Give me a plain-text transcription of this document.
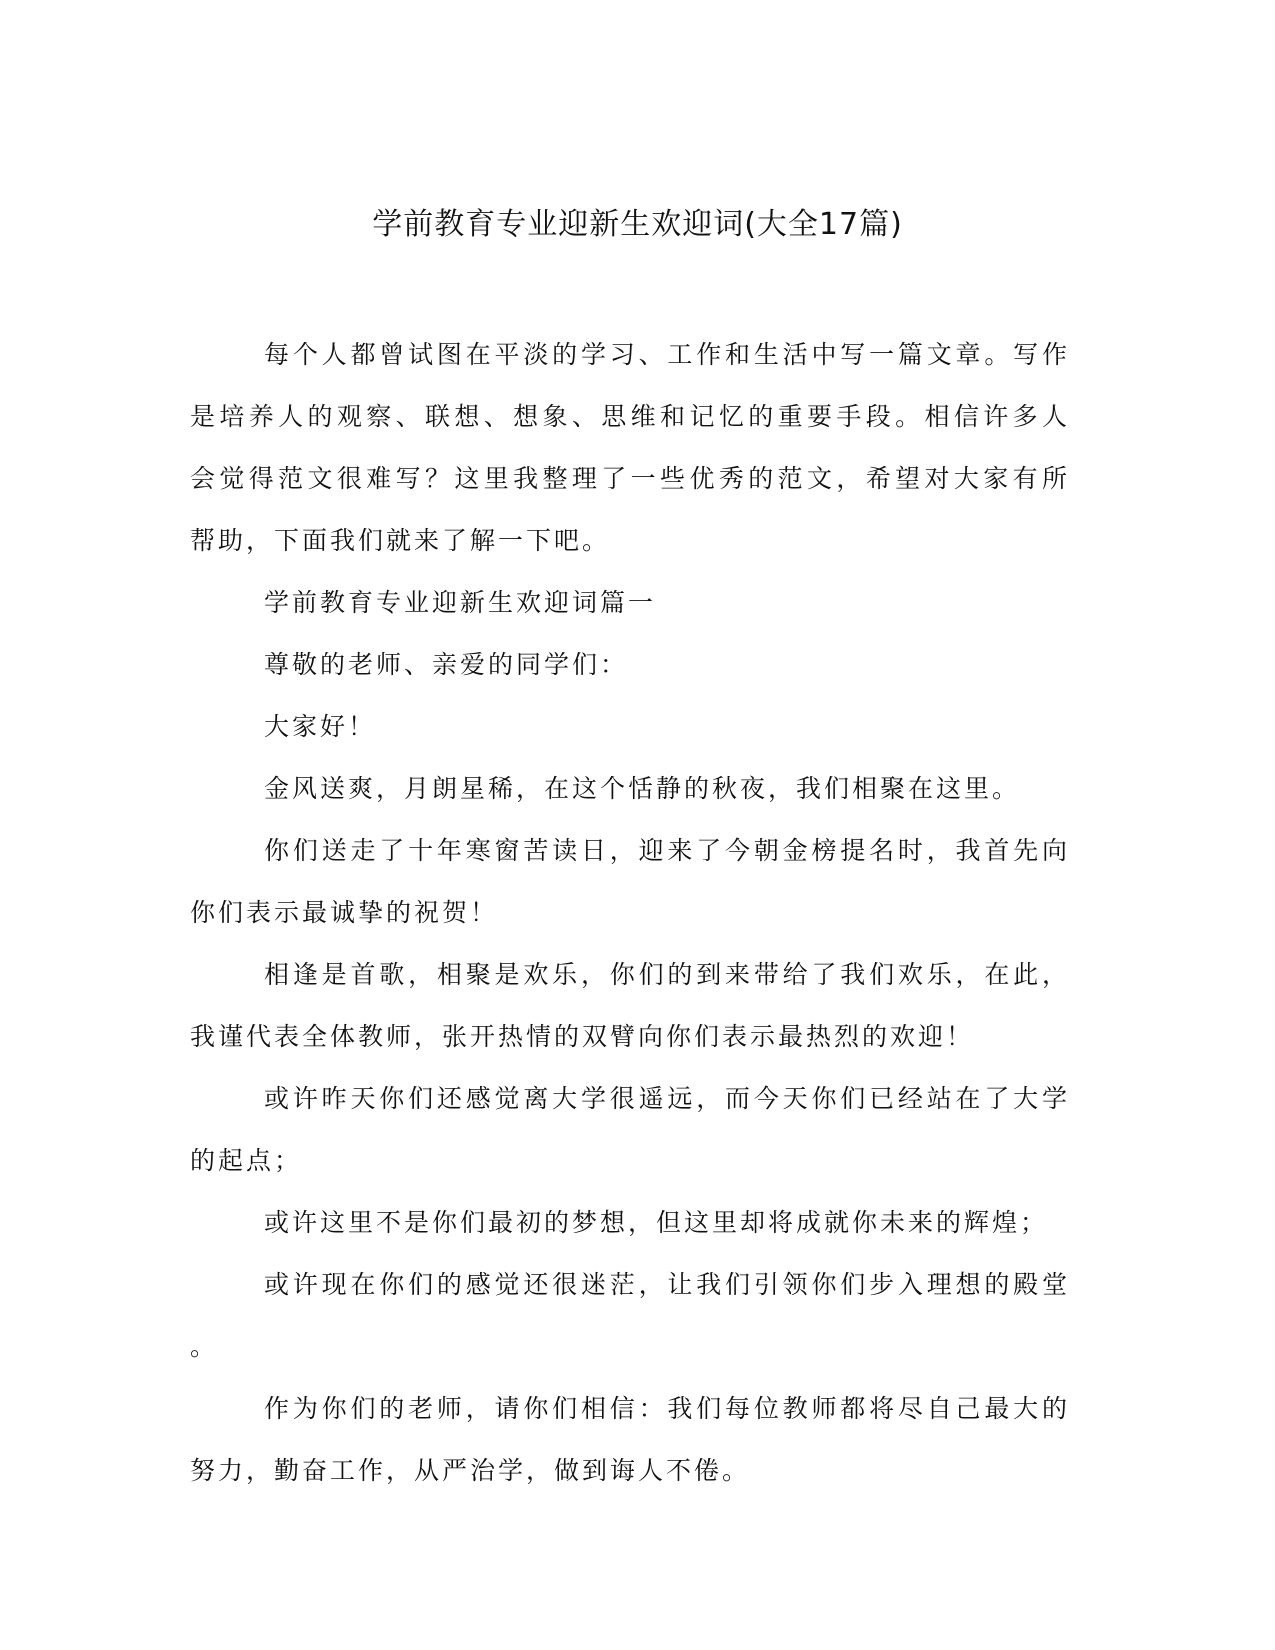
学前教育专业迎新生欢迎词(大全17篇)
每个人都曾试图在平淡的学习、工作和生活中写一篇文章。写作
是培养人的观察、联想、想象、思维和记忆的重要手段。相信许多人
会觉得范文很难写？这里我整理了一些优秀的范文，希望对大家有所
帮助，下面我们就来了解一下吧。
学前教育专业迎新生欢迎词篇一
尊敬的老师、亲爱的同学们：
大家好！
金风送爽，月朗星稀，在这个恬静的秋夜，我们相聚在这里。
你们送走了十年寒窗苦读日，迎来了今朝金榜提名时，我首先向
你们表示最诚挚的祝贺！
相逢是首歌，相聚是欢乐，你们的到来带给了我们欢乐，在此，
我谨代表全体教师，张开热情的双臂向你们表示最热烈的欢迎！
或许昨天你们还感觉离大学很遥远，而今天你们已经站在了大学
的起点；
或许这里不是你们最初的梦想，但这里却将成就你未来的辉煌；
或许现在你们的感觉还很迷茫，让我们引领你们步入理想的殿堂
。
作为你们的老师，请你们相信：我们每位教师都将尽自己最大的
努力，勤奋工作，从严治学，做到诲人不倦。
